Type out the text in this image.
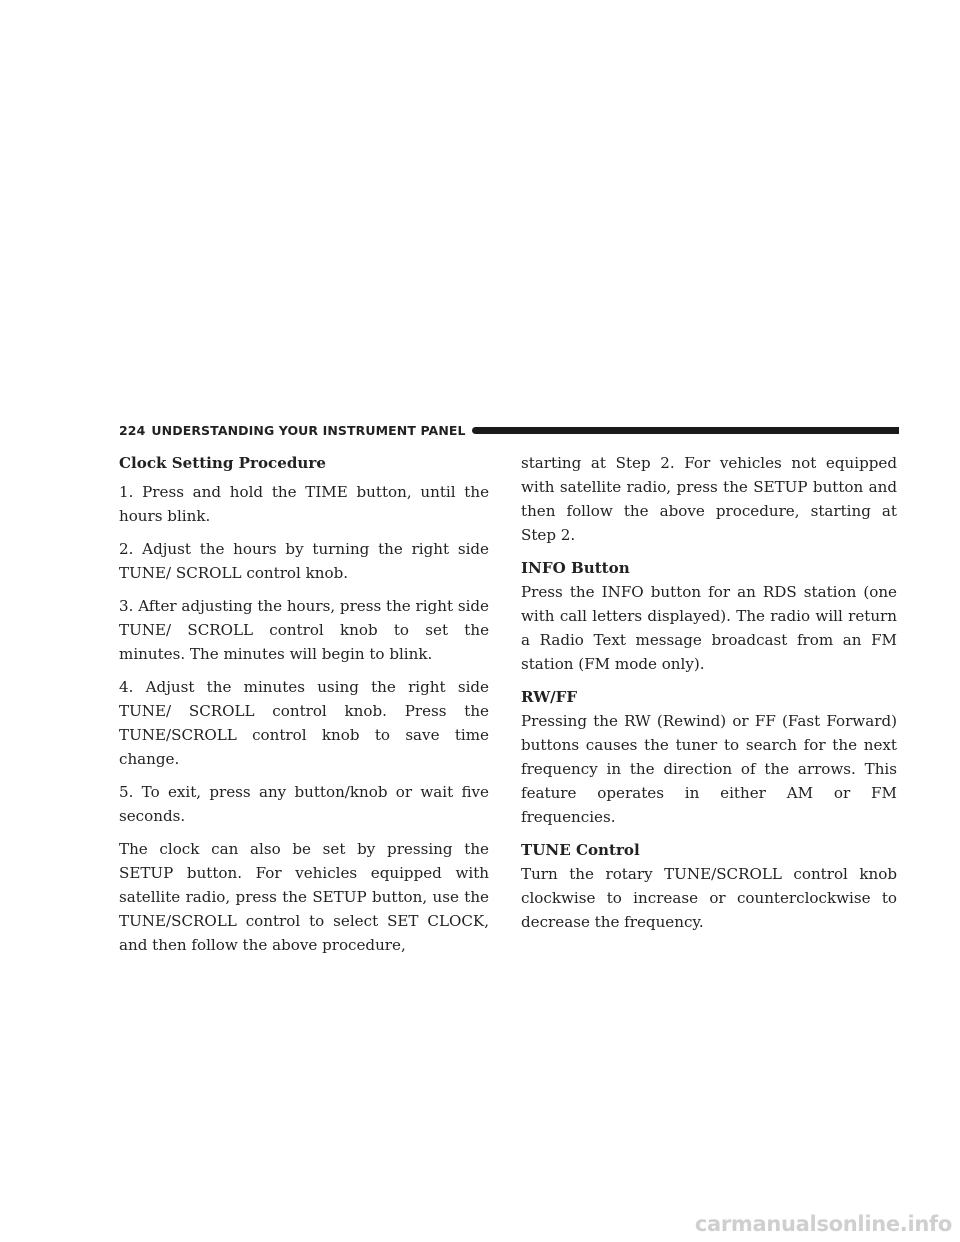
224 UNDERSTANDING YOUR INSTRUMENT PANEL
Clock Setting Procedure

1. Press and hold the TIME button, until the hours blink.

2. Adjust the hours by turning the right side TUNE/ SCROLL control knob.

3. After adjusting the hours, press the right side TUNE/ SCROLL control knob to set the minutes. The minutes will begin to blink.

4. Adjust the minutes using the right side TUNE/ SCROLL control knob. Press the TUNE/SCROLL control knob to save time change.

5. To exit, press any button/knob or wait five seconds.

The clock can also be set by pressing the SETUP button. For vehicles equipped with satellite radio, press the SETUP button, use the TUNE/SCROLL control to select SET CLOCK, and then follow the above procedure,

starting at Step 2. For vehicles not equipped with satellite radio, press the SETUP button and then follow the above procedure, starting at Step 2.

INFO Button

Press the INFO button for an RDS station (one with call letters displayed). The radio will return a Radio Text message broadcast from an FM station (FM mode only).

RW/FF

Pressing the RW (Rewind) or FF (Fast Forward) buttons causes the tuner to search for the next frequency in the direction of the arrows. This feature operates in either AM or FM frequencies.

TUNE Control

Turn the rotary TUNE/SCROLL control knob clockwise to increase or counterclockwise to decrease the frequency.

carmanualsonline.info
